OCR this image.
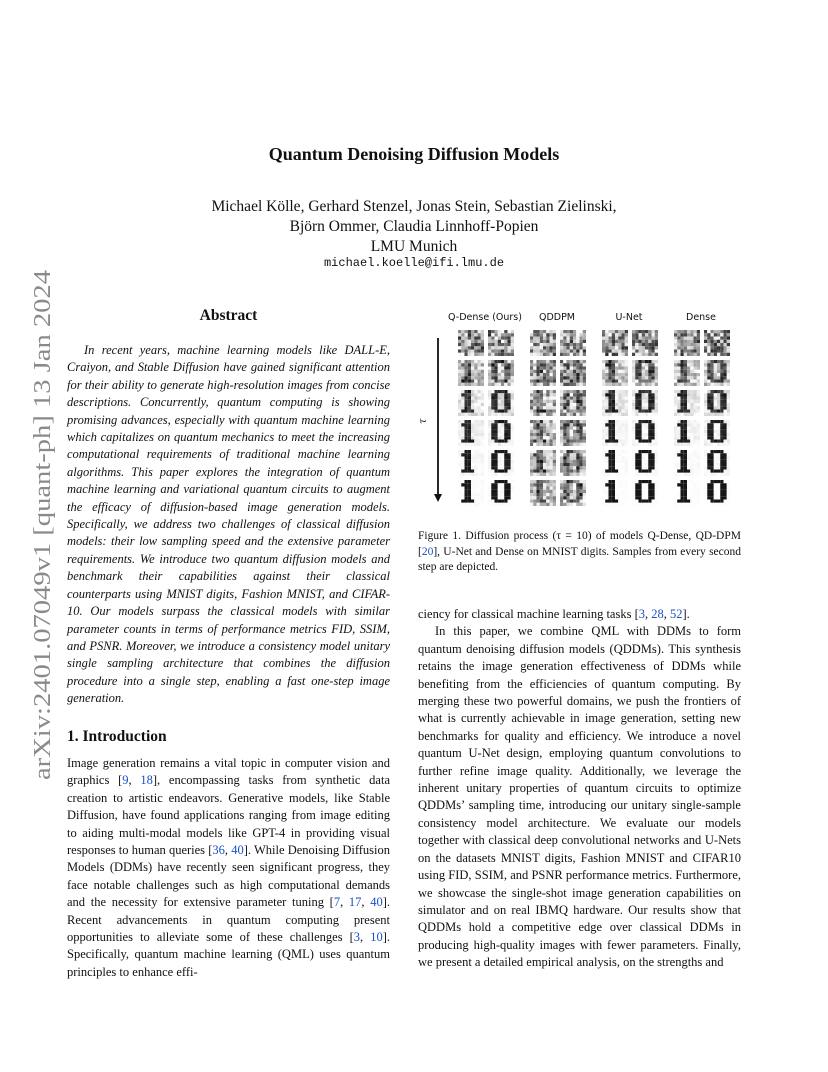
arXiv:2401.07049v1 [quant-ph] 13 Jan 2024
Quantum Denoising Diffusion Models
Michael Kölle, Gerhard Stenzel, Jonas Stein, Sebastian Zielinski,
Björn Ommer, Claudia Linnhoff-Popien
LMU Munich
michael.koelle@ifi.lmu.de
Abstract
In recent years, machine learning models like DALL-E, Craiyon, and Stable Diffusion have gained significant attention for their ability to generate high-resolution images from concise descriptions. Concurrently, quantum computing is showing promising advances, especially with quantum machine learning which capitalizes on quantum mechanics to meet the increasing computational requirements of traditional machine learning algorithms. This paper explores the integration of quantum machine learning and variational quantum circuits to augment the efficacy of diffusion-based image generation models. Specifically, we address two challenges of classical diffusion models: their low sampling speed and the extensive parameter requirements. We introduce two quantum diffusion models and benchmark their capabilities against their classical counterparts using MNIST digits, Fashion MNIST, and CIFAR-10. Our models surpass the classical models with similar parameter counts in terms of performance metrics FID, SSIM, and PSNR. Moreover, we introduce a consistency model unitary single sampling architecture that combines the diffusion procedure into a single step, enabling a fast one-step image generation.
1. Introduction
Image generation remains a vital topic in computer vision and graphics [9, 18], encompassing tasks from synthetic data creation to artistic endeavors. Generative models, like Stable Diffusion, have found applications ranging from image editing to aiding multi-modal models like GPT-4 in providing visual responses to human queries [36, 40]. While Denoising Diffusion Models (DDMs) have recently seen significant progress, they face notable challenges such as high computational demands and the necessity for extensive parameter tuning [7, 17, 40]. Recent advancements in quantum computing present opportunities to alleviate some of these challenges [3, 10]. Specifically, quantum machine learning (QML) uses quantum principles to enhance effi-
Q-Dense (Ours) QDDPM	U-Net	Dense
τ
Figure 1. Diffusion process (τ = 10) of models Q-Dense, QD-DPM [20], U-Net and Dense on MNIST digits. Samples from every second step are depicted.

ciency for classical machine learning tasks [3, 28, 52].

In this paper, we combine QML with DDMs to form quantum denoising diffusion models (QDDMs). This synthesis retains the image generation effectiveness of DDMs while benefiting from the efficiencies of quantum computing. By merging these two powerful domains, we push the frontiers of what is currently achievable in image generation, setting new benchmarks for quality and efficiency. We introduce a novel quantum U-Net design, employing quantum convolutions to further refine image quality. Additionally, we leverage the inherent unitary properties of quantum circuits to optimize QDDMs’ sampling time, introducing our unitary single-sample consistency model architecture. We evaluate our models together with classical deep convolutional networks and U-Nets on the datasets MNIST digits, Fashion MNIST and CIFAR10 using FID, SSIM, and PSNR performance metrics. Furthermore, we showcase the single-shot image generation capabilities on simulator and on real IBMQ hardware. Our results show that QDDMs hold a competitive edge over classical DDMs in producing high-quality images with fewer parameters. Finally, we present a detailed empirical analysis, on the strengths and
